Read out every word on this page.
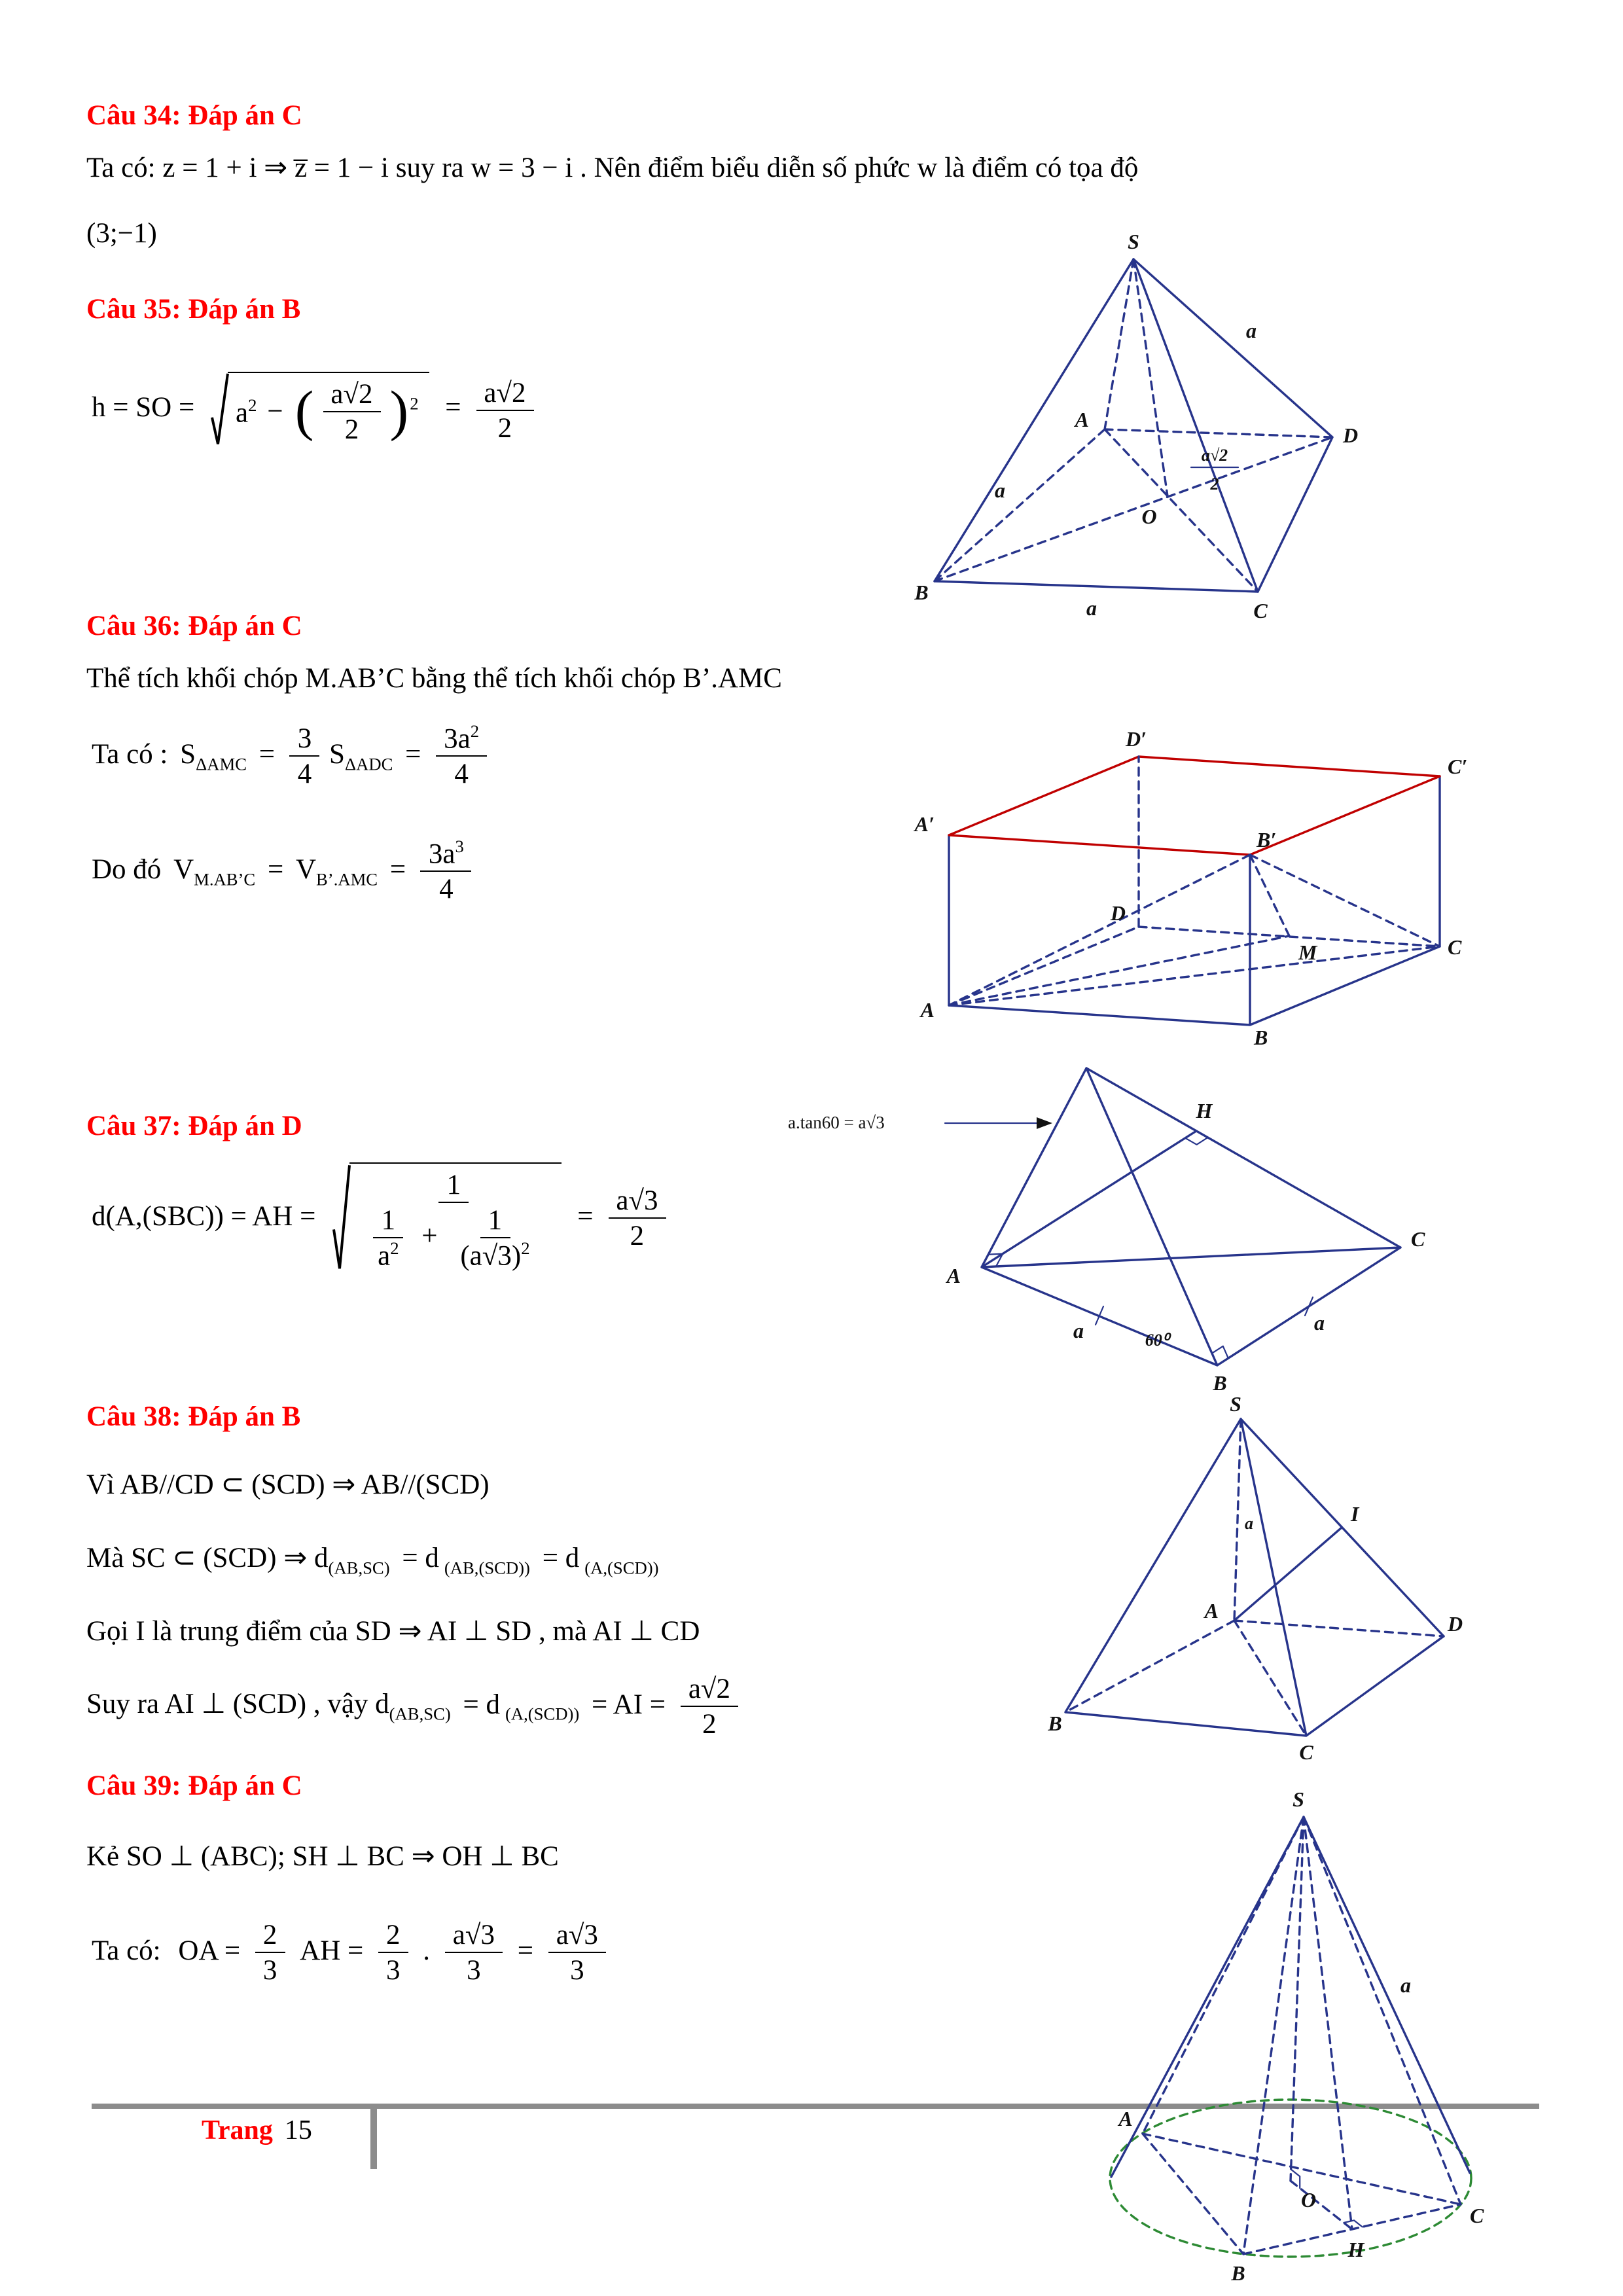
Câu 34: Đáp án C
Ta có: z = 1 + i ⇒ z̅ = 1 − i suy ra w = 3 − i . Nên điểm biểu diễn số phức w là điểm có tọa độ
(3;−1)
Câu 35: Đáp án B
h = SO =	$a^2$ − ( $\frac{a√2}{2}$ ) $^2 = \frac{a√2}{2}$
S
A
D
B
C
O
a
a
a
a√2
2
Câu 36: Đáp án C
Thể tích khối chóp M.AB’C bằng thể tích khối chóp B’.AMC
Ta có : $S_{\Delta AMC} = \frac{3}{4} S_{\Delta ADC} = \frac{3a^2}{4}$
Do đó $V_{M.AB’C} = V_{B’.AMC} = \frac{3a^3}{4}$
A′
B′
C′
D′
A
B
C
D
M
Câu 37: Đáp án D
d(A,(SBC)) = AH =	$\frac{1}{\frac{1}{a^2} + \frac{1}{(a√3)^2}} = \frac{a√3}{2}$
a.tan60 = a√3	H
A
B
C
a	a
60⁰
Câu 38: Đáp án B
Vì AB//CD ⊂ (SCD) ⇒ AB//(SCD)
Mà SC ⊂ (SCD) ⇒ $d_{(AB,SC)} = d$ $_{(AB,(SCD))}$ = d $_{(A,(SCD))}$
Gọi I là trung điểm của SD ⇒ AI ⊥ SD , mà AI ⊥ CD
Suy ra AI ⊥ (SCD) , vậy $d_{(AB,SC)} = d$ $_{(A,(SCD))}$ = AI = $\frac{a√2}{2}$
S
I
A
B
C
D
a
Câu 39: Đáp án C
Kẻ SO ⊥ (ABC); SH ⊥ BC ⇒ OH ⊥ BC
Ta có: OA = $\frac{2}{3}$ AH = $\frac{2}{3}$ . $\frac{a√3}{3} = \frac{a√3}{3}$
Trang 15
S
a
A
B
C
O
H
